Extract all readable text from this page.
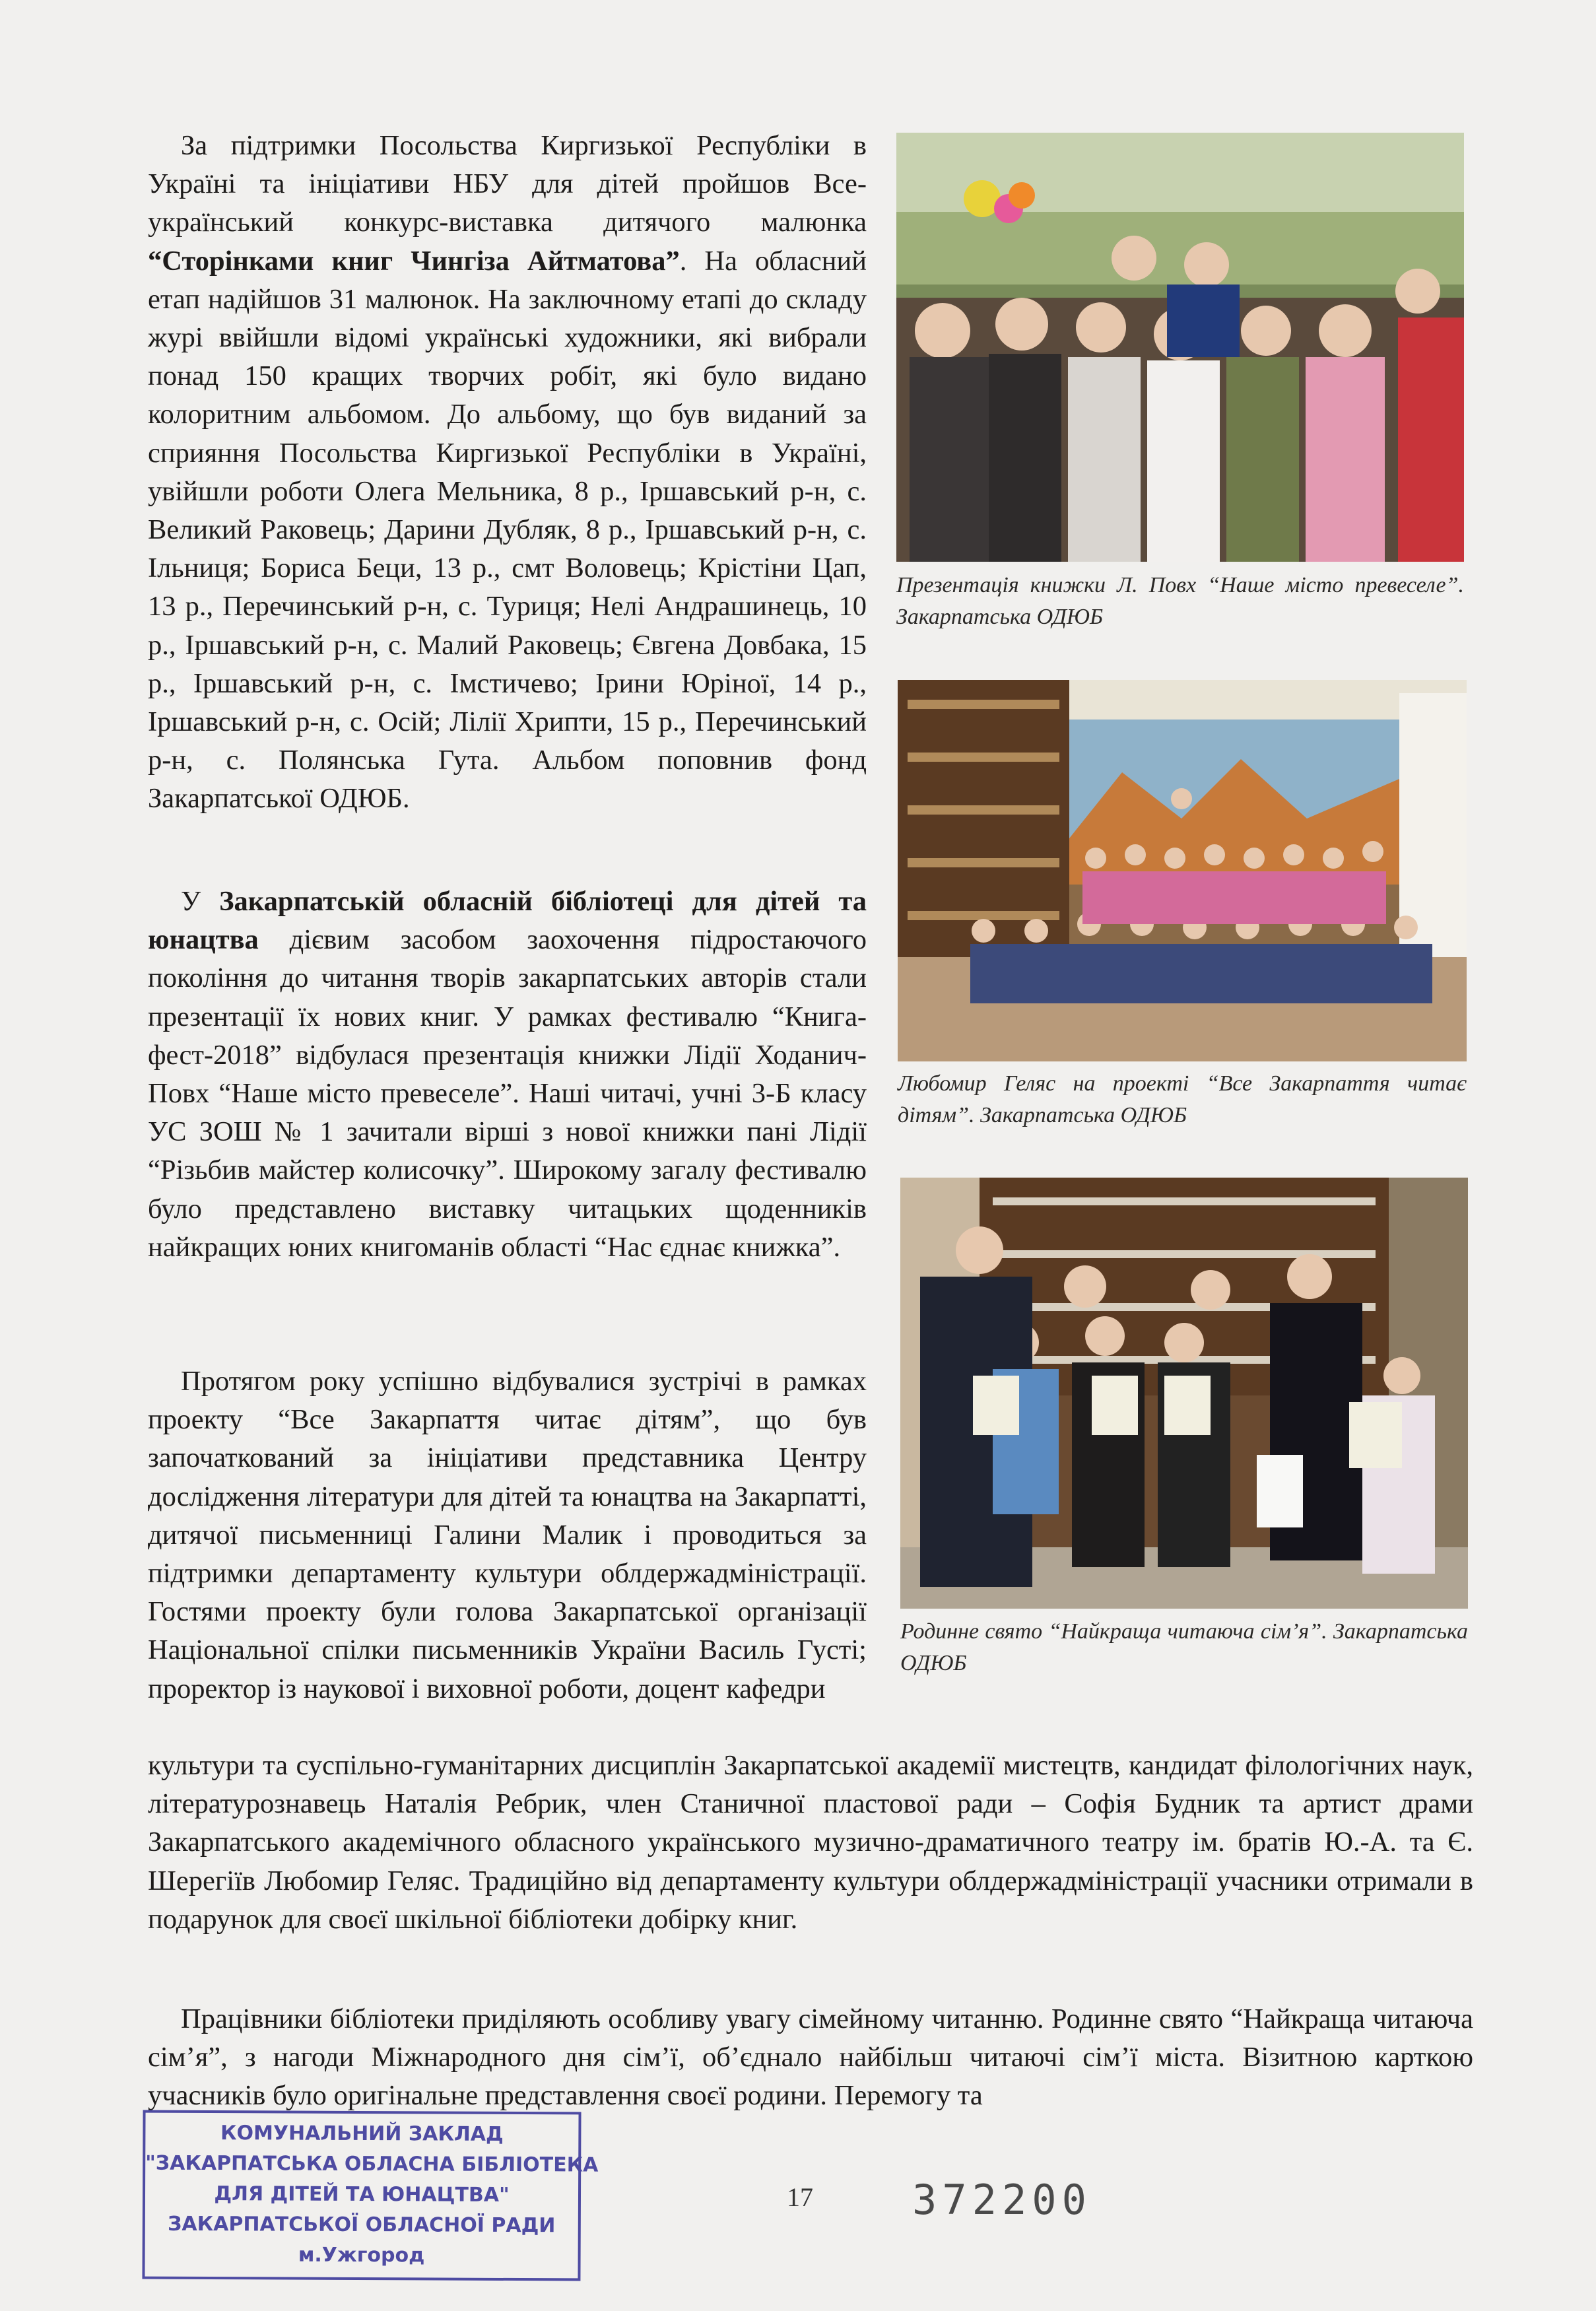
За підтримки Посольства Киргизької Республіки в Україні та ініціативи НБУ для дітей пройшов Всеукраїнський конкурс-виставка дитячого малюнка “Сторінками книг Чингіза Айтматова”. На обласний етап надійшов 31 малюнок. На заключному етапі до складу журі ввійшли відомі українські художники, які вибрали понад 150 кращих творчих робіт, які було видано колоритним альбомом. До альбому, що був виданий за сприяння Посольства Киргизької Республіки в Україні, увійшли роботи Олега Мельника, 8 р., Іршавський р-н, с. Великий Раковець; Дарини Дубляк, 8 р., Іршавський р-н, с. Ільниця; Бориса Беци, 13 р., смт Воловець; Крістіни Цап, 13 р., Перечинський р-н, с. Туриця; Нелі Андрашинець, 10 р., Іршавський р-н, с. Малий Раковець; Євгена Довбака, 15 р., Іршавський р-н, с. Імстичево; Ірини Юріної, 14 р., Іршавський р-н, с. Осій; Лілії Хрипти, 15 р., Перечинський р-н, с. Полянська Гута. Альбом поповнив фонд Закарпатської ОДЮБ.

У Закарпатській обласній бібліотеці для дітей та юнацтва дієвим засобом заохочення підростаючого покоління до читання творів закарпатських авторів стали презентації їх нових книг. У рамках фестивалю “Книга-фест-2018” відбулася презентація книжки Лідії Ходанич-Повх “Наше місто превеселе”. Наші читачі, учні 3-Б класу УС ЗОШ № 1 зачитали вірші з нової книжки пані Лідії “Різьбив майстер колисочку”. Широкому загалу фестивалю було представлено виставку читацьких щоденників найкращих юних книгоманів області “Нас єднає книжка”.

Протягом року успішно відбувалися зустрічі в рамках проекту “Все Закарпаття читає дітям”, що був започаткований за ініціативи представника Центру дослідження літератури для дітей та юнацтва на Закарпатті, дитячої письменниці Галини Малик і проводиться за підтримки департаменту культури облдержадміністрації. Гостями проекту були голова Закарпатської організації Національної спілки письменників України Василь Густі; проректор із наукової і виховної роботи, доцент кафедри

культури та суспільно-гуманітарних дисциплін Закарпатської академії мистецтв, кандидат філологічних наук, літературознавець Наталія Ребрик, член Станичної пластової ради – Софія Будник та артист драми Закарпатського академічного обласного українського музично-драматичного театру ім. братів Ю.-А. та Є. Шерегіїв Любомир Геляс. Традиційно від департаменту культури облдержадміністрації учасники отримали в подарунок для своєї шкільної бібліотеки добірку книг.

Працівники бібліотеки приділяють особливу увагу сімейному читанню. Родинне свято “Найкраща читаюча сім’я”, з нагоди Міжнародного дня сім’ї, об’єднало найбільш читаючі сім’ї міста. Візитною карткою учасників було оригінальне представлення своєї родини. Перемогу та

Презентація книжки Л. Повх “Наше місто превеселе”. Закарпатська ОДЮБ

Любомир Геляс на проекті “Все Закарпаття читає дітям”. Закарпатська ОДЮБ

Родинне свято “Найкраща читаюча сім’я”. Закарпатська ОДЮБ

17 372200
КОМУНАЛЬНИЙ ЗАКЛАД
"ЗАКАРПАТСЬКА ОБЛАСНА БІБЛІОТЕКА
ДЛЯ ДІТЕЙ ТА ЮНАЦТВА"
ЗАКАРПАТСЬКОЇ ОБЛАСНОЇ РАДИ
м.Ужгород
